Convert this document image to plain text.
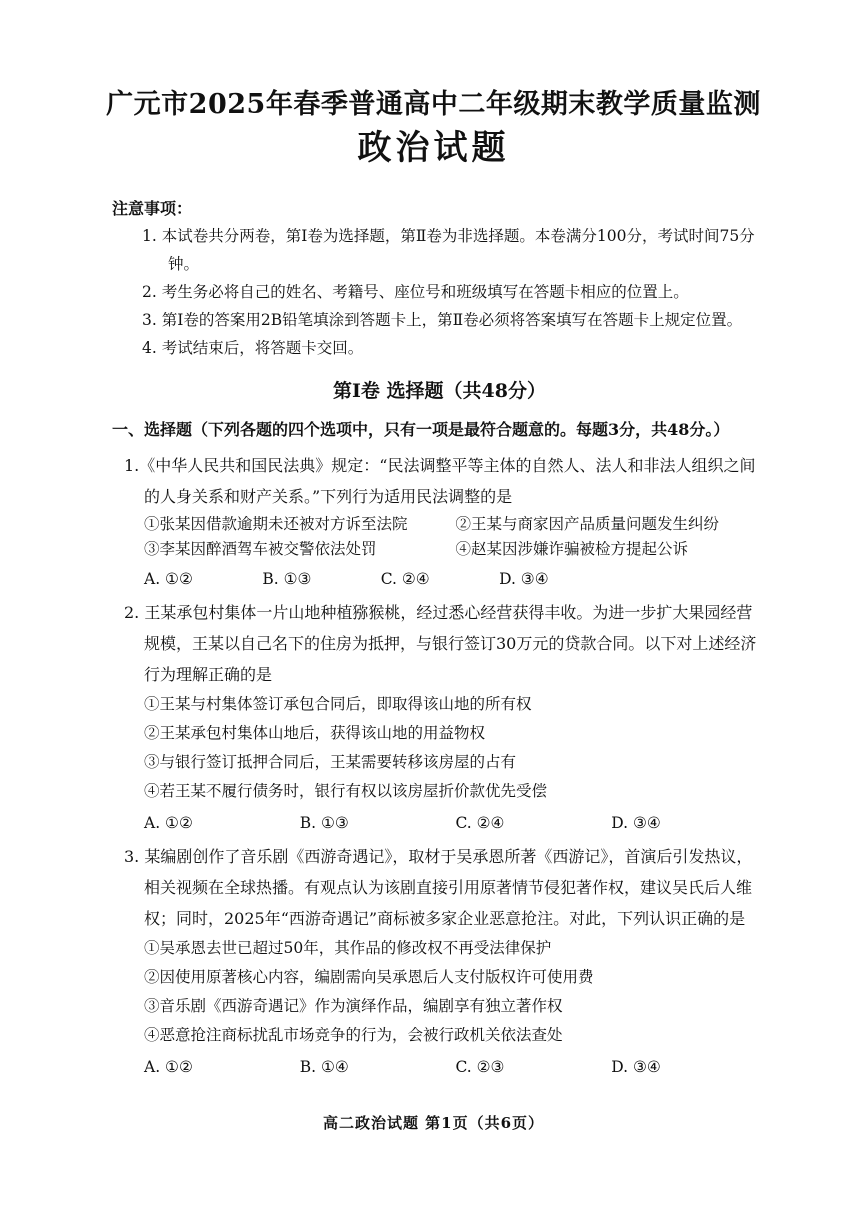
广元市2025年春季普通高中二年级期末教学质量监测
政治试题

注意事项：

1. 本试卷共分两卷，第Ⅰ卷为选择题，第Ⅱ卷为非选择题。本卷满分100分，考试时间75分钟。

2. 考生务必将自己的姓名、考籍号、座位号和班级填写在答题卡相应的位置上。

3. 第Ⅰ卷的答案用2B铅笔填涂到答题卡上，第Ⅱ卷必须将答案填写在答题卡上规定位置。

4. 考试结束后，将答题卡交回。

第Ⅰ卷 选择题（共48分）
一、选择题（下列各题的四个选项中，只有一项是最符合题意的。每题3分，共48分。）

1.《中华人民共和国民法典》规定：“民法调整平等主体的自然人、法人和非法人组织之间的人身关系和财产关系。”下列行为适用民法调整的是

①张某因借款逾期未还被对方诉至法院	②王某与商家因产品质量问题发生纠纷
③李某因醉酒驾车被交警依法处罚	④赵某因涉嫌诈骗被检方提起公诉
A. ①②	B. ①③	C. ②④	D. ③④

2. 王某承包村集体一片山地种植猕猴桃，经过悉心经营获得丰收。为进一步扩大果园经营规模，王某以自己名下的住房为抵押，与银行签订30万元的贷款合同。以下对上述经济行为理解正确的是

①王某与村集体签订承包合同后，即取得该山地的所有权

②王某承包村集体山地后，获得该山地的用益物权

③与银行签订抵押合同后，王某需要转移该房屋的占有

④若王某不履行债务时，银行有权以该房屋折价款优先受偿

A. ①②	B. ①③	C. ②④	D. ③④

3. 某编剧创作了音乐剧《西游奇遇记》，取材于吴承恩所著《西游记》，首演后引发热议，相关视频在全球热播。有观点认为该剧直接引用原著情节侵犯著作权，建议吴氏后人维权；同时，2025年“西游奇遇记”商标被多家企业恶意抢注。对此，下列认识正确的是

①吴承恩去世已超过50年，其作品的修改权不再受法律保护

②因使用原著核心内容，编剧需向吴承恩后人支付版权许可使用费

③音乐剧《西游奇遇记》作为演绎作品，编剧享有独立著作权

④恶意抢注商标扰乱市场竞争的行为，会被行政机关依法查处

A. ①②	B. ①④	C. ②③	D. ③④
高二政治试题 第1页（共6页）
